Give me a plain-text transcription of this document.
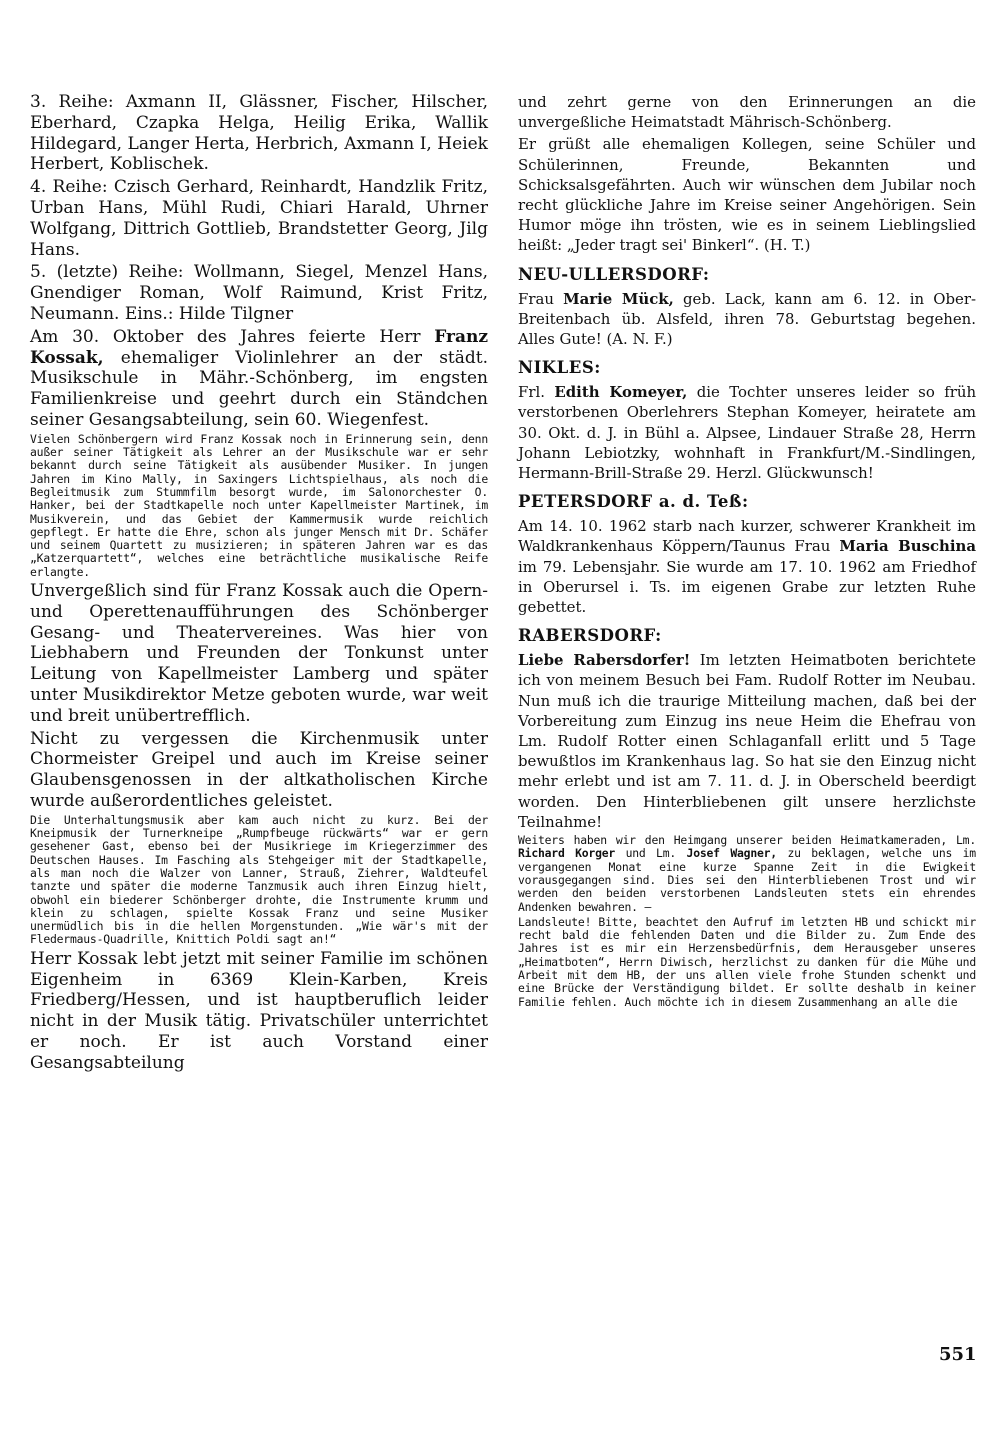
3. Reihe: Axmann II, Glässner, Fischer, Hilscher, Eberhard, Czapka Helga, Heilig Erika, Wallik Hildegard, Langer Herta, Herbrich, Axmann I, Heiek Herbert, Koblischek.

4. Reihe: Czisch Gerhard, Reinhardt, Handzlik Fritz, Urban Hans, Mühl Rudi, Chiari Harald, Uhrner Wolfgang, Dittrich Gottlieb, Brandstetter Georg, Jilg Hans.

5. (letzte) Reihe: Wollmann, Siegel, Menzel Hans, Gnendiger Roman, Wolf Raimund, Krist Fritz, Neumann. Eins.: Hilde Tilgner

Am 30. Oktober des Jahres feierte Herr Franz Kossak, ehemaliger Violinlehrer an der städt. Musikschule in Mähr.-Schönberg, im engsten Familienkreise und geehrt durch ein Ständchen seiner Gesangsabteilung, sein 60. Wiegenfest.

Vielen Schönbergern wird Franz Kossak noch in Erinnerung sein, denn außer seiner Tätigkeit als Lehrer an der Musikschule war er sehr bekannt durch seine Tätigkeit als ausübender Musiker. In jungen Jahren im Kino Mally, in Saxingers Lichtspielhaus, als noch die Begleitmusik zum Stummfilm besorgt wurde, im Salonorchester O. Hanker, bei der Stadtkapelle noch unter Kapellmeister Martinek, im Musikverein, und das Gebiet der Kammermusik wurde reichlich gepflegt. Er hatte die Ehre, schon als junger Mensch mit Dr. Schäfer und seinem Quartett zu musizieren; in späteren Jahren war es das „Katzerquartett“, welches eine beträchtliche musikalische Reife erlangte.

Unvergeßlich sind für Franz Kossak auch die Opern- und Operettenaufführungen des Schönberger Gesang- und Theatervereines. Was hier von Liebhabern und Freunden der Tonkunst unter Leitung von Kapellmeister Lamberg und später unter Musikdirektor Metze geboten wurde, war weit und breit unübertrefflich.

Nicht zu vergessen die Kirchenmusik unter Chormeister Greipel und auch im Kreise seiner Glaubensgenossen in der altkatholischen Kirche wurde außerordentliches geleistet.

Die Unterhaltungsmusik aber kam auch nicht zu kurz. Bei der Kneipmusik der Turnerkneipe „Rumpfbeuge rückwärts“ war er gern gesehener Gast, ebenso bei der Musikriege im Kriegerzimmer des Deutschen Hauses. Im Fasching als Stehgeiger mit der Stadtkapelle, als man noch die Walzer von Lanner, Strauß, Ziehrer, Waldteufel tanzte und später die moderne Tanzmusik auch ihren Einzug hielt, obwohl ein biederer Schönberger drohte, die Instrumente krumm und klein zu schlagen, spielte Kossak Franz und seine Musiker unermüdlich bis in die hellen Morgenstunden. „Wie wär's mit der Fledermaus-Quadrille, Knittich Poldi sagt an!“

Herr Kossak lebt jetzt mit seiner Familie im schönen Eigenheim in 6369 Klein-Karben, Kreis Friedberg/Hessen, und ist hauptberuflich leider nicht in der Musik tätig. Privatschüler unterrichtet er noch. Er ist auch Vorstand einer Gesangsabteilung

und zehrt gerne von den Erinnerungen an die unvergeßliche Heimatstadt Mährisch-Schönberg.

Er grüßt alle ehemaligen Kollegen, seine Schüler und Schülerinnen, Freunde, Bekannten und Schicksalsgefährten. Auch wir wünschen dem Jubilar noch recht glückliche Jahre im Kreise seiner Angehörigen. Sein Humor möge ihn trösten, wie es in seinem Lieblingslied heißt: „Jeder tragt sei' Binkerl“. (H. T.)

NEU-ULLERSDORF:

Frau Marie Mück, geb. Lack, kann am 6. 12. in Ober-Breitenbach üb. Alsfeld, ihren 78. Geburtstag begehen. Alles Gute! (A. N. F.)

NIKLES:

Frl. Edith Komeyer, die Tochter unseres leider so früh verstorbenen Oberlehrers Stephan Komeyer, heiratete am 30. Okt. d. J. in Bühl a. Alpsee, Lindauer Straße 28, Herrn Johann Lebiotzky, wohnhaft in Frankfurt/M.-Sindlingen, Hermann-Brill-Straße 29. Herzl. Glückwunsch!

PETERSDORF a. d. Teß:

Am 14. 10. 1962 starb nach kurzer, schwerer Krankheit im Waldkrankenhaus Köppern/Taunus Frau Maria Buschina im 79. Lebensjahr. Sie wurde am 17. 10. 1962 am Friedhof in Oberursel i. Ts. im eigenen Grabe zur letzten Ruhe gebettet.

RABERSDORF:

Liebe Rabersdorfer! Im letzten Heimatboten berichtete ich von meinem Besuch bei Fam. Rudolf Rotter im Neubau. Nun muß ich die traurige Mitteilung machen, daß bei der Vorbereitung zum Einzug ins neue Heim die Ehefrau von Lm. Rudolf Rotter einen Schlaganfall erlitt und 5 Tage bewußtlos im Krankenhaus lag. So hat sie den Einzug nicht mehr erlebt und ist am 7. 11. d. J. in Oberscheld beerdigt worden. Den Hinterbliebenen gilt unsere herzlichste Teilnahme!

Weiters haben wir den Heimgang unserer beiden Heimatkameraden, Lm. Richard Korger und Lm. Josef Wagner, zu beklagen, welche uns im vergangenen Monat eine kurze Spanne Zeit in die Ewigkeit vorausgegangen sind. Dies sei den Hinterbliebenen Trost und wir werden den beiden verstorbenen Landsleuten stets ein ehrendes Andenken bewahren. —

Landsleute! Bitte, beachtet den Aufruf im letzten HB und schickt mir recht bald die fehlenden Daten und die Bilder zu. Zum Ende des Jahres ist es mir ein Herzensbedürfnis, dem Herausgeber unseres „Heimatboten“, Herrn Diwisch, herzlichst zu danken für die Mühe und Arbeit mit dem HB, der uns allen viele frohe Stunden schenkt und eine Brücke der Verständigung bildet. Er sollte deshalb in keiner Familie fehlen. Auch möchte ich in diesem Zusammenhang an alle die

551
